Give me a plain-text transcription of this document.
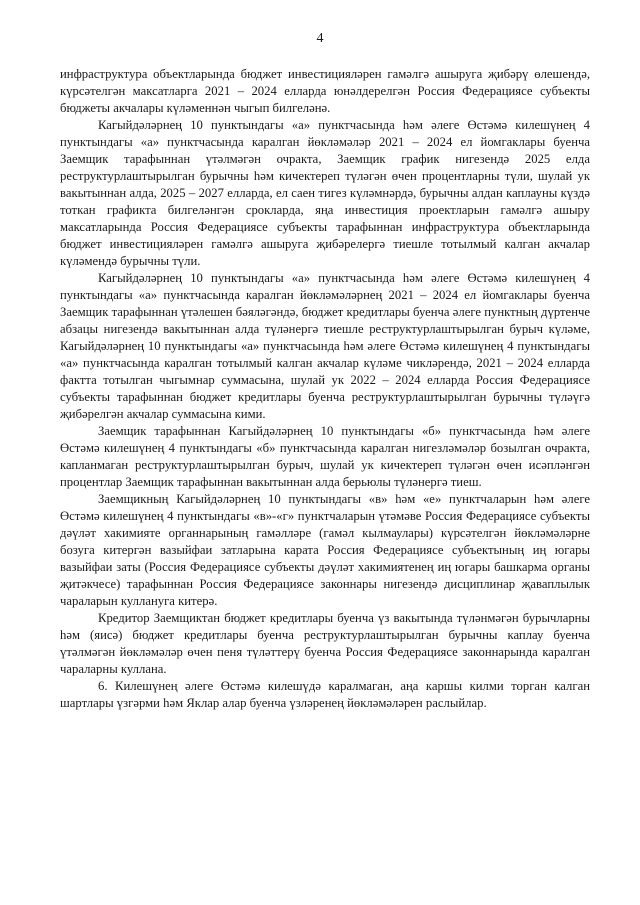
4

инфраструктура объектларында бюджет инвестицияләрен гамәлгә ашыруга җибәрү өлешендә, күрсәтелгән максатларга 2021 – 2024 елларда юнәлдерелгән Россия Федерациясе субъекты бюджеты акчалары күләменнән чыгып билгеләнә.

Кагыйдәләрнең 10 пунктындагы «а» пунктчасында һәм әлеге Өстәмә килешүнең 4 пунктындагы «а» пунктчасында каралган йөкләмәләр 2021 – 2024 ел йомгаклары буенча Заемщик тарафыннан үтәлмәгән очракта, Заемщик график нигезендә 2025 елда реструктурлаштырылган бурычны һәм кичектереп түләгән өчен процентларны түли, шулай ук вакытыннан алда, 2025 – 2027 елларда, ел саен тигез күләмнәрдә, бурычны алдан каплауны күздә тоткан графикта билгеләнгән срокларда, яңа инвестиция проектларын гамәлгә ашыру максатларында Россия Федерациясе субъекты тарафыннан инфраструктура объектларында бюджет инвестицияләрен гамәлгә ашыруга җибәрелергә тиешле тотылмый калган акчалар күләмендә бурычны түли.

Кагыйдәләрнең 10 пунктындагы «а» пунктчасында һәм әлеге Өстәмә килешүнең 4 пунктындагы «а» пунктчасында каралган йөкләмәләрнең 2021 – 2024 ел йомгаклары буенча Заемщик тарафыннан үтәлешен бәяләгәндә, бюджет кредитлары буенча әлеге пунктның дүртенче абзацы нигезендә вакытыннан алда түләнергә тиешле реструктурлаштырылган бурыч күләме, Кагыйдәләрнең 10 пунктындагы «а» пунктчасында һәм әлеге Өстәмә килешүнең 4 пунктындагы «а» пунктчасында каралган тотылмый калган акчалар күләме чикләрендә, 2021 – 2024 елларда фактта тотылган чыгымнар суммасына, шулай ук 2022 – 2024 елларда Россия Федерациясе субъекты тарафыннан бюджет кредитлары буенча реструктурлаштырылган бурычны түләүгә җибәрелгән акчалар суммасына кими.

Заемщик тарафыннан Кагыйдәләрнең 10 пунктындагы «б» пунктчасында һәм әлеге Өстәмә килешүнең 4 пунктындагы «б» пунктчасында каралган нигезләмәләр бозылган очракта, капланмаган реструктурлаштырылган бурыч, шулай ук кичектереп түләгән өчен исәпләнгән процентлар Заемщик тарафыннан вакытыннан алда берьюлы түләнергә тиеш.

Заемщикның Кагыйдәләрнең 10 пунктындагы «в» һәм «е» пунктчаларын һәм әлеге Өстәмә килешүнең 4 пунктындагы «в»-«г» пунктчаларын үтәмәве Россия Федерациясе субъекты дәүләт хакимияте органнарының гамәлләре (гамәл кылмаулары) күрсәтелгән йөкләмәләрне бозуга китергән вазыйфаи затларына карата Россия Федерациясе субъектының иң югары вазыйфаи заты (Россия Федерациясе субъекты дәүләт хакимиятенең иң югары башкарма органы җитәкчесе) тарафыннан Россия Федерациясе законнары нигезендә дисциплинар җаваплылык чараларын куллануга китерә.

Кредитор Заемщиктан бюджет кредитлары буенча үз вакытында түләнмәгән бурычларны һәм (яисә) бюджет кредитлары буенча реструктурлаштырылган бурычны каплау буенча үтәлмәгән йөкләмәләр өчен пеня түләттерү буенча Россия Федерациясе законнарында каралган чараларны куллана.

6. Килешүнең әлеге Өстәмә килешүдә каралмаган, аңа каршы килми торган калган шартлары үзгәрми һәм Яклар алар буенча үзләренең йөкләмәләрен раслыйлар.
